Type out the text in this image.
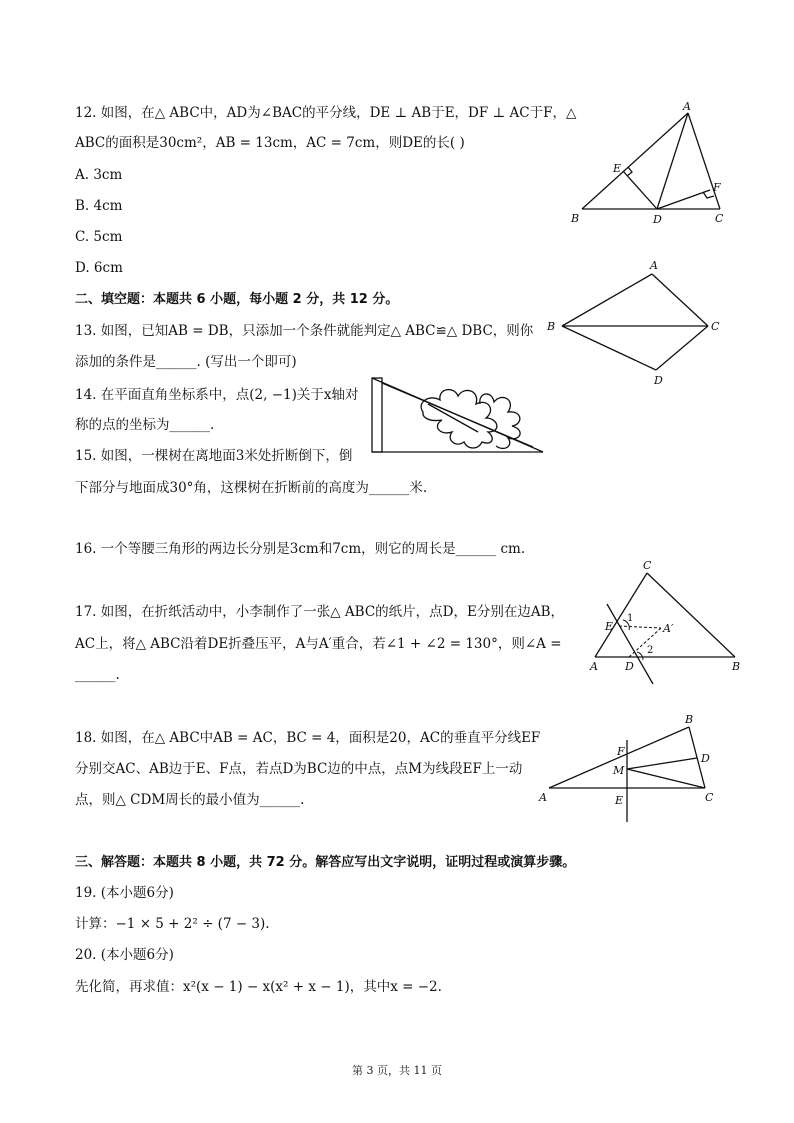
12. 如图，在△ ABC中，AD为∠BAC的平分线，DE ⊥ AB于E，DF ⊥ AC于F，△
ABC的面积是30cm²，AB = 13cm，AC = 7cm，则DE的长( )
A. 3cm
B. 4cm
C. 5cm
D. 6cm
A
B	C
D
E
F
二、填空题：本题共 6 小题，每小题 2 分，共 12 分。
13. 如图，已知AB = DB，只添加一个条件就能判定△ ABC≌△ DBC，则你
添加的条件是______. (写出一个即可)
A
B	C
D
14. 在平面直角坐标系中，点(2, −1)关于x轴对
称的点的坐标为______.
15. 如图，一棵树在离地面3米处折断倒下，倒
下部分与地面成30°角，这棵树在折断前的高度为______米.
16. 一个等腰三角形的两边长分别是3cm和7cm，则它的周长是______ cm.
17. 如图，在折纸活动中，小李制作了一张△ ABC的纸片，点D，E分别在边AB，
AC上，将△ ABC沿着DE折叠压平，A与A′重合，若∠1 + ∠2 = 130°，则∠A =
______.
C
A	B
D
E	A′
1
2
18. 如图，在△ ABC中AB = AC，BC = 4，面积是20，AC的垂直平分线EF
分别交AC、AB边于E、F点，若点D为BC边的中点，点M为线段EF上一动
点，则△ CDM周长的最小值为______.	A
B
C
D
E
F
M
三、解答题：本题共 8 小题，共 72 分。解答应写出文字说明，证明过程或演算步骤。
19. (本小题6分)
计算：−1 × 5 + 2² ÷ (7 − 3).
20. (本小题6分)
先化简，再求值：x²(x − 1) − x(x² + x − 1)，其中x = −2.
第 3 页，共 11 页
